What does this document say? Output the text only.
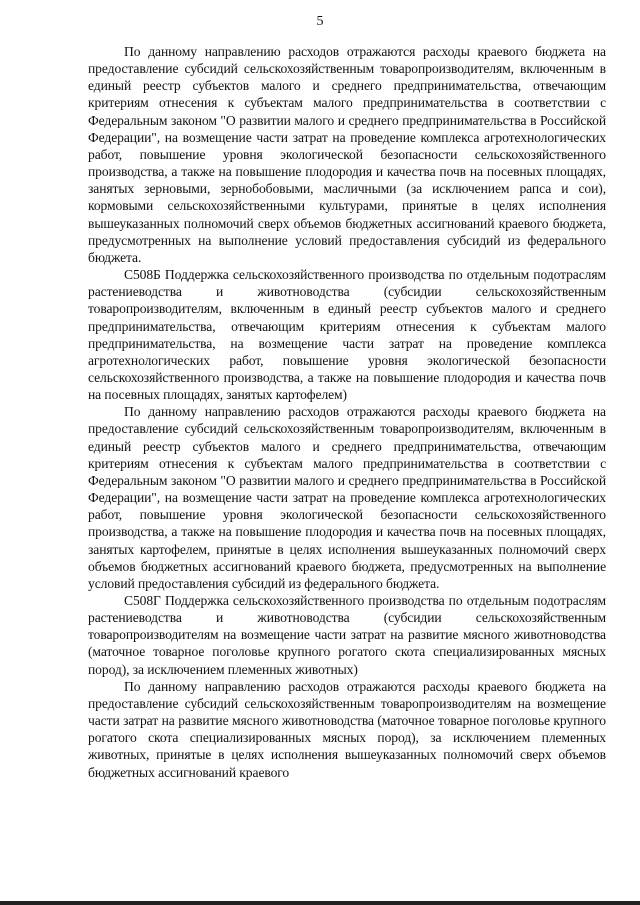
5

По данному направлению расходов отражаются расходы краевого бюджета на предоставление субсидий сельскохозяйственным товаропроизводителям, включенным в единый реестр субъектов малого и среднего предпринимательства, отвечающим критериям отнесения к субъектам малого предпринимательства в соответствии с Федеральным законом "О развитии малого и среднего предпринимательства в Российской Федерации", на возмещение части затрат на проведение комплекса агротехнологических работ, повышение уровня экологической безопасности сельскохозяйственного производства, а также на повышение плодородия и качества почв на посевных площадях, занятых зерновыми, зернобобовыми, масличными (за исключением рапса и сои), кормовыми сельскохозяйственными культурами, принятые в целях исполнения вышеуказанных полномочий сверх объемов бюджетных ассигнований краевого бюджета, предусмотренных на выполнение условий предоставления субсидий из федерального бюджета.

С508Б Поддержка сельскохозяйственного производства по отдельным подотраслям растениеводства и животноводства (субсидии сельскохозяйственным товаропроизводителям, включенным в единый реестр субъектов малого и среднего предпринимательства, отвечающим критериям отнесения к субъектам малого предпринимательства, на возмещение части затрат на проведение комплекса агротехнологических работ, повышение уровня экологической безопасности сельскохозяйственного производства, а также на повышение плодородия и качества почв на посевных площадях, занятых картофелем)

По данному направлению расходов отражаются расходы краевого бюджета на предоставление субсидий сельскохозяйственным товаропроизводителям, включенным в единый реестр субъектов малого и среднего предпринимательства, отвечающим критериям отнесения к субъектам малого предпринимательства в соответствии с Федеральным законом "О развитии малого и среднего предпринимательства в Российской Федерации", на возмещение части затрат на проведение комплекса агротехнологических работ, повышение уровня экологической безопасности сельскохозяйственного производства, а также на повышение плодородия и качества почв на посевных площадях, занятых картофелем, принятые в целях исполнения вышеуказанных полномочий сверх объемов бюджетных ассигнований краевого бюджета, предусмотренных на выполнение условий предоставления субсидий из федерального бюджета.

С508Г Поддержка сельскохозяйственного производства по отдельным подотраслям растениеводства и животноводства (субсидии сельскохозяйственным товаропроизводителям на возмещение части затрат на развитие мясного животноводства (маточное товарное поголовье крупного рогатого скота специализированных мясных пород), за исключением племенных животных)

По данному направлению расходов отражаются расходы краевого бюджета на предоставление субсидий сельскохозяйственным товаропроизводителям на возмещение части затрат на развитие мясного животноводства (маточное товарное поголовье крупного рогатого скота специализированных мясных пород), за исключением племенных животных, принятые в целях исполнения вышеуказанных полномочий сверх объемов бюджетных ассигнований краевого
